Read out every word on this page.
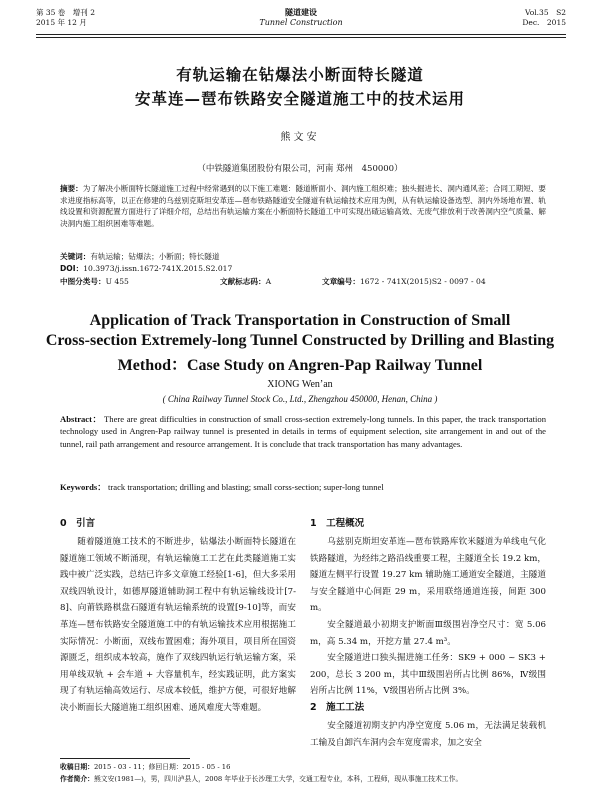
第 35 卷　增刊 2
2015 年 12 月
隧道建设
Tunnel Construction
Vol.35　S2
Dec.　2015
有轨运输在钻爆法小断面特长隧道
安革连—琶布铁路安全隧道施工中的技术运用
熊文安
（中铁隧道集团股份有限公司，河南 郑州　450000）
摘要：为了解决小断面特长隧道施工过程中经常遇到的以下施工难题：隧道断面小、洞内施工组织难；独头掘进长、洞内通风差；合同工期短、要求进度指标高等，以正在修建的乌兹别克斯坦安革连—琶布铁路隧道安全隧道有轨运输技术应用为例，从有轨运输设备选型、洞内外场地布置、轨线设置和资源配置方面进行了详细介绍，总结出有轨运输方案在小断面特长隧道工中可实现出碴运输高效、无废气排放利于改善洞内空气质量、解决洞内施工组织困难等难题。
关键词：有轨运输；钻爆法；小断面；特长隧道
DOI：10.3973/j.issn.1672-741X.2015.S2.017
中图分类号：U 455	文献标志码：A	文章编号：1672 - 741X(2015)S2 - 0097 - 04
Application of Track Transportation in Construction of Small
Cross-section Extremely-long Tunnel Constructed by Drilling and Blasting
Method：Case Study on Angren-Pap Railway Tunnel
XIONG Wen’an
( China Railway Tunnel Stock Co., Ltd., Zhengzhou 450000, Henan, China )
Abstract： There are great difficulties in construction of small cross-section extremely-long tunnels. In this paper, the track transportation technology used in Angren-Pap railway tunnel is presented in details in terms of equipment selection, site arrangement in and out of the tunnel, rail path arrangement and resource arrangement. It is conclude that track transportation has many advantages.
Keywords： track transportation; drilling and blasting; small corss-section; super-long tunnel
0　引言
随着隧道施工技术的不断进步，钻爆法小断面特长隧道在隧道施工领域不断涌现，有轨运输施工工艺在此类隧道施工实践中被广泛实践，总结已许多文章施工经验[1-6]，但大多采用双线四轨设计，如德厚隧道辅助洞工程中有轨运输线设计[7-8]、向莆铁路棋盘石隧道有轨运输系统的设置[9-10]等，而安革连—琶布铁路安全隧道施工中的有轨运输技术应用根据施工实际情况：小断面，双线布置困难；海外项目，项目所在国资源匮乏，组织成本较高，施作了双线四轨运行轨运输方案，采用单线双轨 + 会车道 + 大容量机车，经实践证明，此方案实现了有轨运输高效运行、尽成本较低，维护方便，可很好地解决小断面长大隧道施工组织困难、通风难度大等难题。
1　工程概况
乌兹别克斯坦安革连—琶布铁路库钦米隧道为单线电气化铁路隧道，为经纬之路沿线重要工程，主隧道全长 19.2 km，隧道左侧平行设置 19.27 km 辅助施工通道安全隧道，主隧道与安全隧道中心间距 29 m，采用联络通道连接，间距 300 m。
安全隧道最小初期支护断面Ⅲ级围岩净空尺寸：宽 5.06 m，高 5.34 m，开挖方量 27.4 m³。
安全隧道进口独头掘进施工任务：SK9 + 000 ~ SK3 + 200，总长 3 200 m，其中Ⅲ级围岩所占比例 86%，Ⅳ级围岩所占比例 11%，Ⅴ级围岩所占比例 3%。
2　施工工法
安全隧道初期支护内净空宽度 5.06 m，无法满足装载机工输及自卸汽车洞内会车宽度需求，加之安全
收稿日期：2015 - 03 - 11；修回日期：2015 - 05 - 16
作者简介：熊文安(1981—)，男，四川泸县人，2008 年毕业于长沙理工大学，交通工程专业，本科，工程师，现从事施工技术工作。
